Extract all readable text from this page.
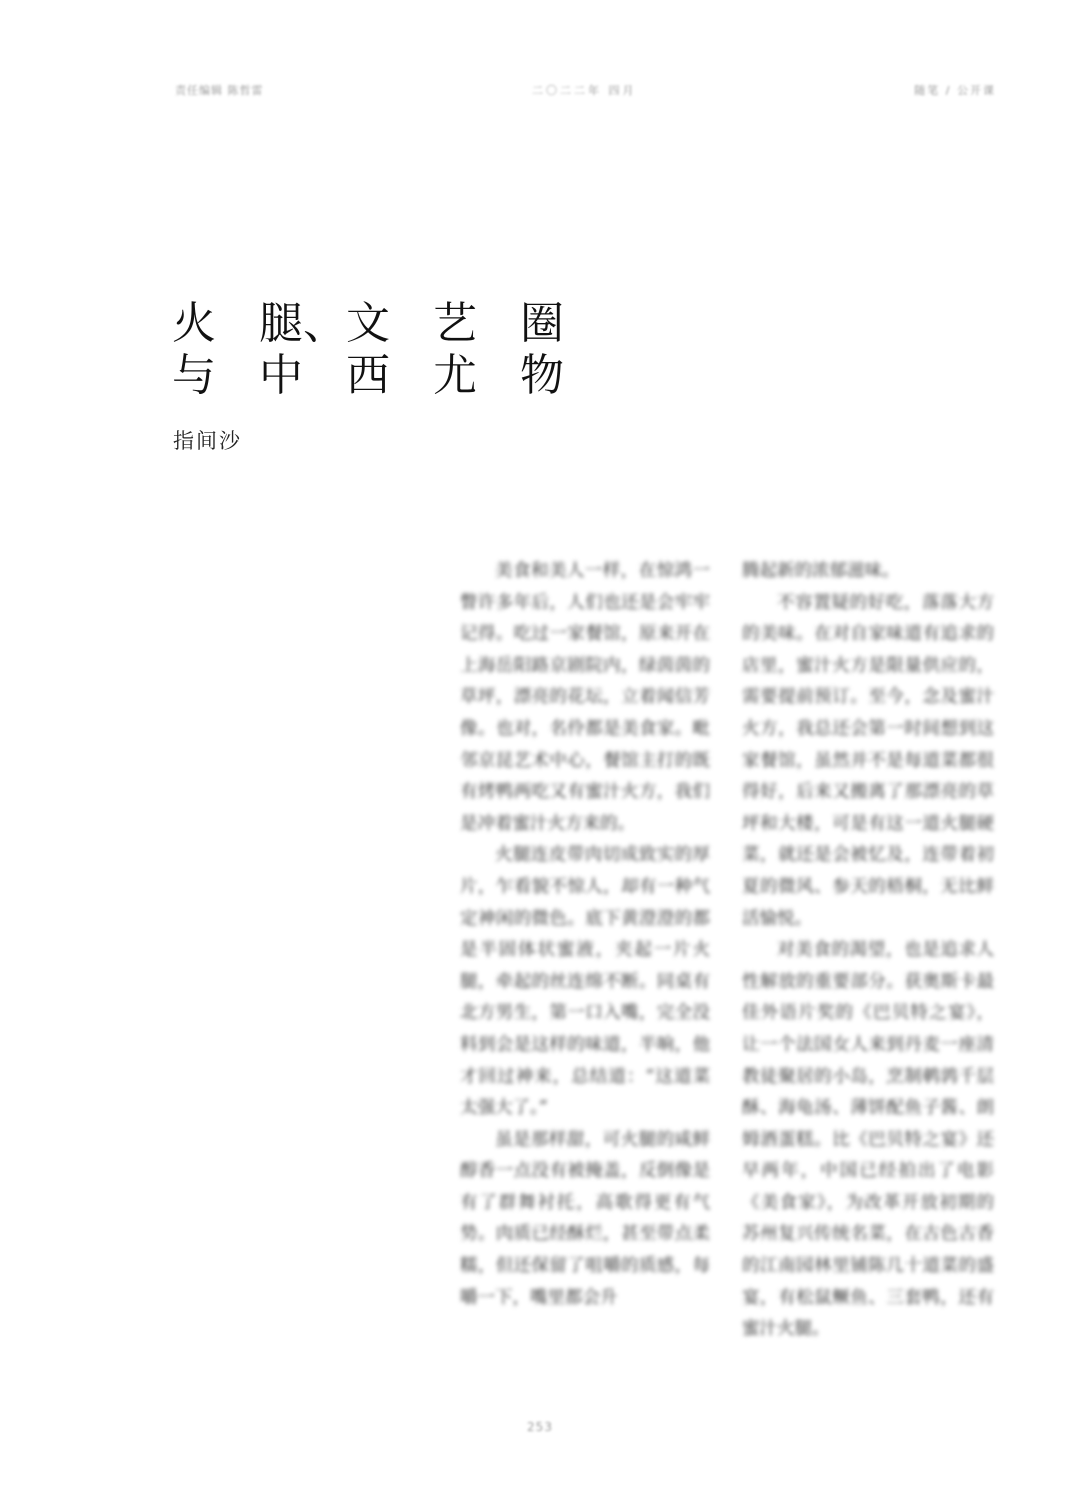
责任编辑 陈哲雷	二〇二二年 四月	随笔 / 公开课
火 腿、文 艺 圈
与 中 西 尤 物
指间沙

美食和美人一样，在惊鸿一瞥许多年后，人们也还是会牢牢记得。吃过一家餐馆，原来开在上海岳阳路京剧院内，绿茵茵的草坪，漂亮的花坛，立着闻信芳像。也对，名伶都是美食家。毗邻京昆艺术中心，餐馆主打的既有烤鸭两吃又有蜜汁火方，我们是冲着蜜汁火方来的。

火腿连皮带肉切成致实的厚片，乍看貌不惊人，却有一种气定神闲的微色。底下黄澄澄的都是半固体状蜜液，夹起一片火腿，牵起的丝连绵不断。同桌有北方男生，第一口入嘴，完全没料到会是这样的味道，半晌，他才回过神来，总结道：“这道菜太强大了。”

虽是那样甜，可火腿的咸鲜醇香一点没有被掩盖，反倒像是有了群舞衬托，高歌得更有气势。肉质已经酥烂，甚至带点柔糯，但还保留了咀嚼的质感，每嚼一下，嘴里都会升

腾起新的浓郁滋味。

不容置疑的好吃，落落大方的美味。在对自家味道有追求的店里，蜜汁火方是限量供应的，需要提前预订。至今，念及蜜汁火方，我总还会第一时间想到这家餐馆，虽然并不是每道菜都很得好，后来又搬离了那漂亮的草坪和大楼，可是有这一道火腿硬菜，就还是会被忆及，连带着初夏的微风、参天的梧桐，无比鲜活愉悦。

对美食的渴望，也是追求人性解放的重要部分。获奥斯卡最佳外语片奖的《巴贝特之宴》，让一个法国女人来到丹麦一座清教徒聚居的小岛，烹制鹌鹑千层酥、海龟汤、薄饼配鱼子酱、朗姆酒蛋糕。比《巴贝特之宴》还早两年，中国已经拍出了电影《美食家》，为改革开放初期的苏州复兴传统名菜，在古色古香的江南园林里铺陈几十道菜的盛宴，有松鼠鳜鱼、三套鸭，还有蜜汁火腿。

253
